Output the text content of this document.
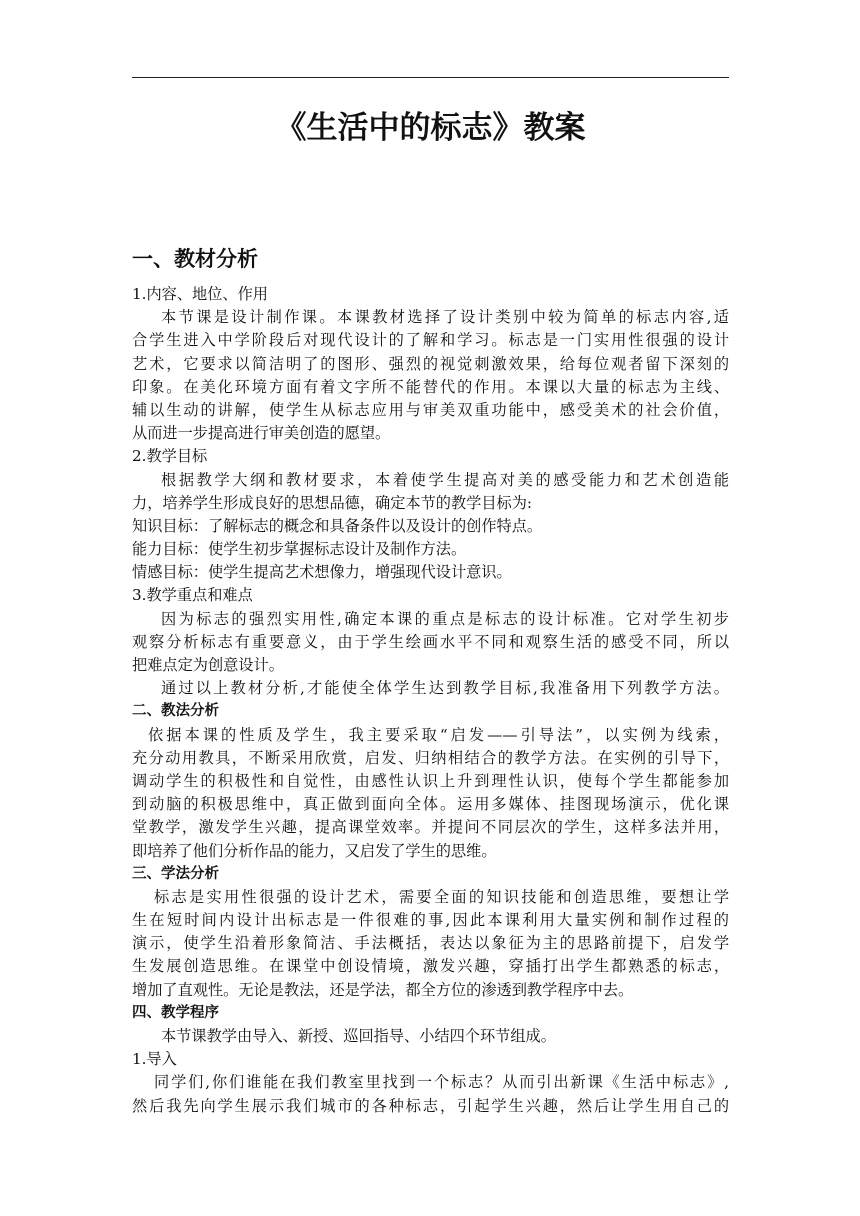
《生活中的标志》教案
一、教材分析
1.内容、地位、作用
本节课是设计制作课。本课教材选择了设计类别中较为简单的标志内容,适
合学生进入中学阶段后对现代设计的了解和学习。标志是一门实用性很强的设计
艺术，它要求以简洁明了的图形、强烈的视觉刺激效果，给每位观者留下深刻的
印象。在美化环境方面有着文字所不能替代的作用。本课以大量的标志为主线、
辅以生动的讲解，使学生从标志应用与审美双重功能中，感受美术的社会价值，
从而进一步提高进行审美创造的愿望。
2.教学目标
根据教学大纲和教材要求，本着使学生提高对美的感受能力和艺术创造能
力，培养学生形成良好的思想品德，确定本节的教学目标为:
知识目标：了解标志的概念和具备条件以及设计的创作特点。
能力目标：使学生初步掌握标志设计及制作方法。
情感目标：使学生提高艺术想像力，增强现代设计意识。
3.教学重点和难点
因为标志的强烈实用性,确定本课的重点是标志的设计标准。它对学生初步
观察分析标志有重要意义，由于学生绘画水平不同和观察生活的感受不同，所以
把难点定为创意设计。
通过以上教材分析,才能使全体学生达到教学目标,我准备用下列教学方法。
二、教法分析
依据本课的性质及学生，我主要采取“启发——引导法”，以实例为线索，
充分动用教具，不断采用欣赏，启发、归纳相结合的教学方法。在实例的引导下，
调动学生的积极性和自觉性，由感性认识上升到理性认识，使每个学生都能参加
到动脑的积极思维中，真正做到面向全体。运用多媒体、挂图现场演示，优化课
堂教学，激发学生兴趣，提高课堂效率。并提问不同层次的学生，这样多法并用，
即培养了他们分析作品的能力，又启发了学生的思维。
三、学法分析
标志是实用性很强的设计艺术，需要全面的知识技能和创造思维，要想让学
生在短时间内设计出标志是一件很难的事,因此本课利用大量实例和制作过程的
演示，使学生沿着形象简洁、手法概括，表达以象征为主的思路前提下，启发学
生发展创造思维。在课堂中创设情境，激发兴趣，穿插打出学生都熟悉的标志，
增加了直观性。无论是教法，还是学法，都全方位的渗透到教学程序中去。
四、教学程序
本节课教学由导入、新授、巡回指导、小结四个环节组成。
1.导入
同学们,你们谁能在我们教室里找到一个标志？从而引出新课《生活中标志》,
然后我先向学生展示我们城市的各种标志，引起学生兴趣，然后让学生用自己的
